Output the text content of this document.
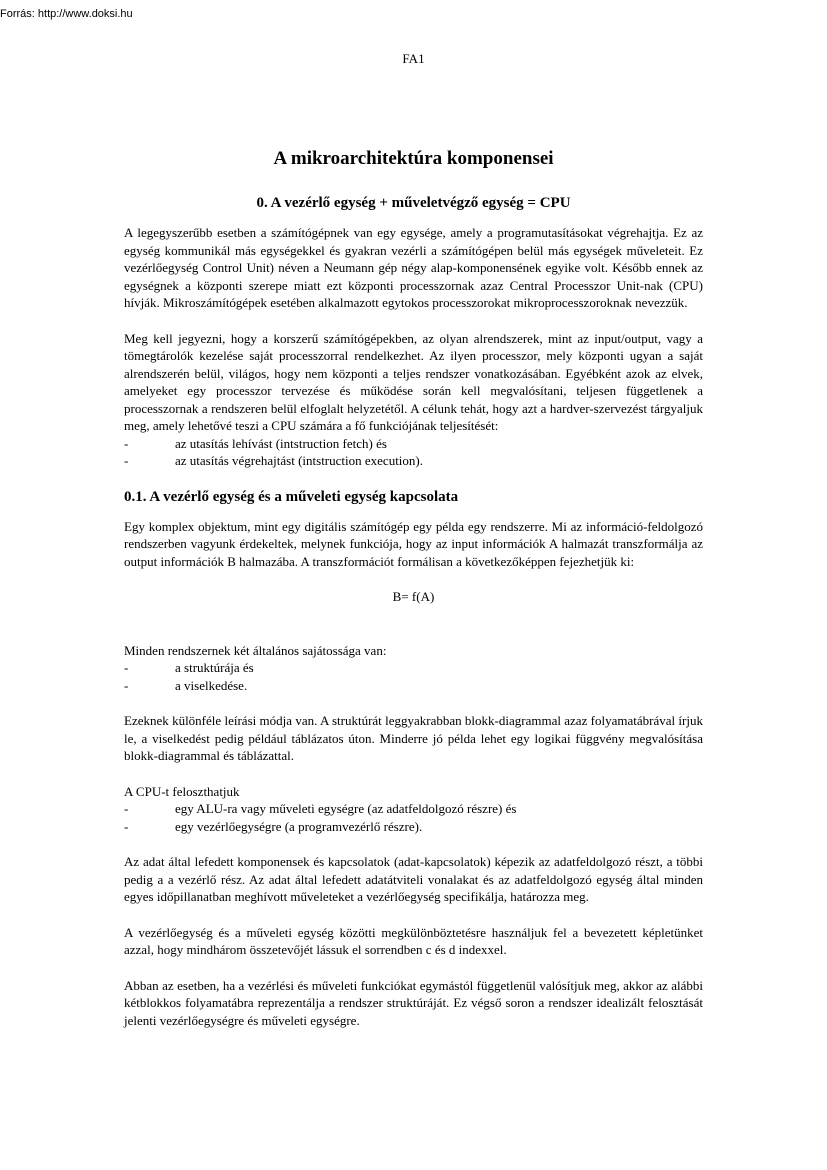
Forrás: http://www.doksi.hu
FA1
A mikroarchitektúra komponensei
0. A vezérlő egység + műveletvégző egység = CPU

A legegyszerűbb esetben a számítógépnek van egy egysége, amely a programutasításokat végrehajtja. Ez az egység kommunikál más egységekkel és gyakran vezérli a számítógépen belül más egységek műveleteit. Ez vezérlőegység Control Unit) néven a Neumann gép négy alap-komponensének egyike volt. Később ennek az egységnek a központi szerepe miatt ezt központi processzornak azaz Central Processzor Unit-nak (CPU) hívják. Mikroszámítógépek esetében alkalmazott egytokos processzorokat mikroprocesszoroknak nevezzük.

Meg kell jegyezni, hogy a korszerű számítógépekben, az olyan alrendszerek, mint az input/output, vagy a tömegtárolók kezelése saját processzorral rendelkezhet. Az ilyen processzor, mely központi ugyan a saját alrendszerén belül, világos, hogy nem központi a teljes rendszer vonatkozásában. Egyébként azok az elvek, amelyeket egy processzor tervezése és működése során kell megvalósítani, teljesen függetlenek a processzornak a rendszeren belül elfoglalt helyzetétől. A célunk tehát, hogy azt a hardver-szervezést tárgyaljuk meg, amely lehetővé teszi a CPU számára a fő funkciójának teljesítését:

-	az utasítás lehívást (intstruction fetch) és
-	az utasítás végrehajtást (intstruction execution).
0.1. A vezérlő egység és a műveleti egység kapcsolata

Egy komplex objektum, mint egy digitális számítógép egy példa egy rendszerre. Mi az információ-feldolgozó rendszerben vagyunk érdekeltek, melynek funkciója, hogy az input információk A halmazát transzformálja az output információk B halmazába. A transzformációt formálisan a következőképpen fejezhetjük ki:

B= f(A)

Minden rendszernek két általános sajátossága van:

-	a struktúrája és
-	a viselkedése.

Ezeknek különféle leírási módja van. A struktúrát leggyakrabban blokk-diagrammal azaz folyamatábrával írjuk le, a viselkedést pedig például táblázatos úton. Minderre jó példa lehet egy logikai függvény megvalósítása blokk-diagrammal és táblázattal.

A CPU-t feloszthatjuk

-	egy ALU-ra vagy műveleti egységre (az adatfeldolgozó részre) és
-	egy vezérlőegységre (a programvezérlő részre).

Az adat által lefedett komponensek és kapcsolatok (adat-kapcsolatok) képezik az adatfeldolgozó részt, a többi pedig a a vezérlő rész. Az adat által lefedett adatátviteli vonalakat és az adatfeldolgozó egység által minden egyes időpillanatban meghívott műveleteket a vezérlőegység specifikálja, határozza meg.

A vezérlőegység és a műveleti egység közötti megkülönböztetésre használjuk fel a bevezetett képletünket azzal, hogy mindhárom összetevőjét lássuk el sorrendben c és d indexxel.

Abban az esetben, ha a vezérlési és műveleti funkciókat egymástól függetlenül valósítjuk meg, akkor az alábbi kétblokkos folyamatábra reprezentálja a rendszer struktúráját. Ez végső soron a rendszer idealizált felosztását jelenti vezérlőegységre és műveleti egységre.
